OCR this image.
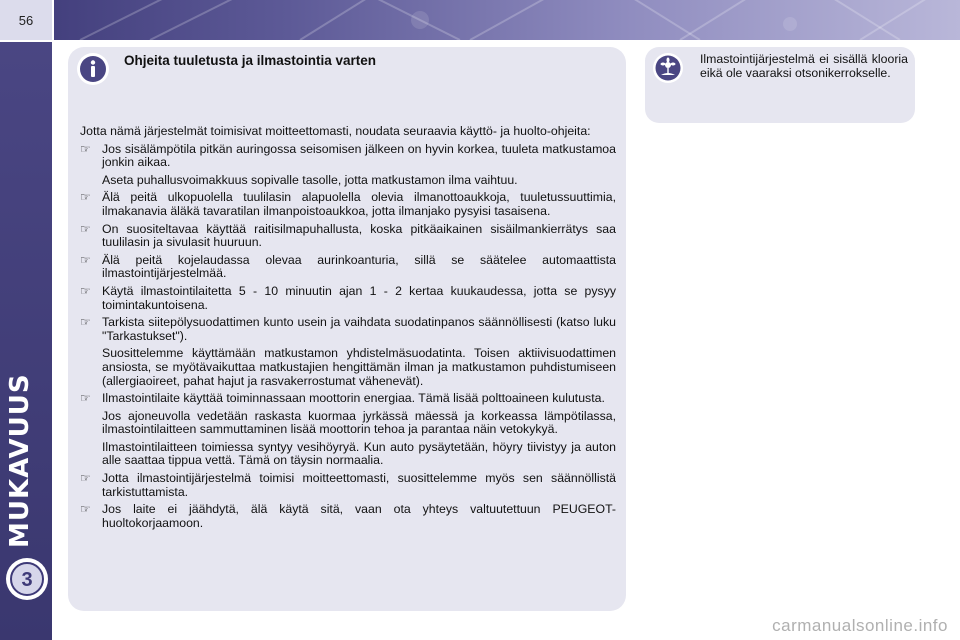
56
MUKAVUUS
3
Ohjeita tuuletusta ja ilmastointia varten	Ilmastointijärjestelmä ei sisällä klooria eikä ole vaaraksi otsonikerrokselle.

Jotta nämä järjestelmät toimisivat moitteettomasti, noudata seuraavia käyttö- ja huolto-ohjeita:

☞ Jos sisälämpötila pitkän auringossa seisomisen jälkeen on hyvin korkea, tuuleta matkustamoa jonkin aikaa.
Aseta puhallusvoimakkuus sopivalle tasolle, jotta matkustamon ilma vaihtuu.
☞ Älä peitä ulkopuolella tuulilasin alapuolella olevia ilmanottoaukkoja, tuuletussuuttimia, ilmakanavia äläkä tavaratilan ilmanpoistoaukkoa, jotta ilmanjako pysyisi tasaisena.
☞ On suositeltavaa käyttää raitisilmapuhallusta, koska pitkäaikainen sisäilmankierrätys saa tuulilasin ja sivulasit huuruun.
☞ Älä peitä kojelaudassa olevaa aurinkoanturia, sillä se säätelee automaattista ilmastointijärjestelmää.
☞ Käytä ilmastointilaitetta 5 - 10 minuutin ajan 1 - 2 kertaa kuukaudessa, jotta se pysyy toimintakuntoisena.
☞ Tarkista siitepölysuodattimen kunto usein ja vaihdata suodatinpanos säännöllisesti (katso luku "Tarkastukset").
Suosittelemme käyttämään matkustamon yhdistelmäsuodatinta. Toisen aktiivisuodattimen ansiosta, se myötävaikuttaa matkustajien hengittämän ilman ja matkustamon puhdistumiseen (allergiaoireet, pahat hajut ja rasvakerrostumat vähenevät).
☞ Ilmastointilaite käyttää toiminnassaan moottorin energiaa. Tämä lisää polttoaineen kulutusta.
Jos ajoneuvolla vedetään raskasta kuormaa jyrkässä mäessä ja korkeassa lämpötilassa, ilmastointilaitteen sammuttaminen lisää moottorin tehoa ja parantaa näin vetokykyä.
Ilmastointilaitteen toimiessa syntyy vesihöyryä. Kun auto pysäytetään, höyry tiivistyy ja auton alle saattaa tippua vettä. Tämä on täysin normaalia.
☞ Jotta ilmastointijärjestelmä toimisi moitteettomasti, suosittelemme myös sen säännöllistä tarkistuttamista.
☞ Jos laite ei jäähdytä, älä käytä sitä, vaan ota yhteys valtuutettuun PEUGEOT-huoltokorjaamoon.
carmanualsonline.info
